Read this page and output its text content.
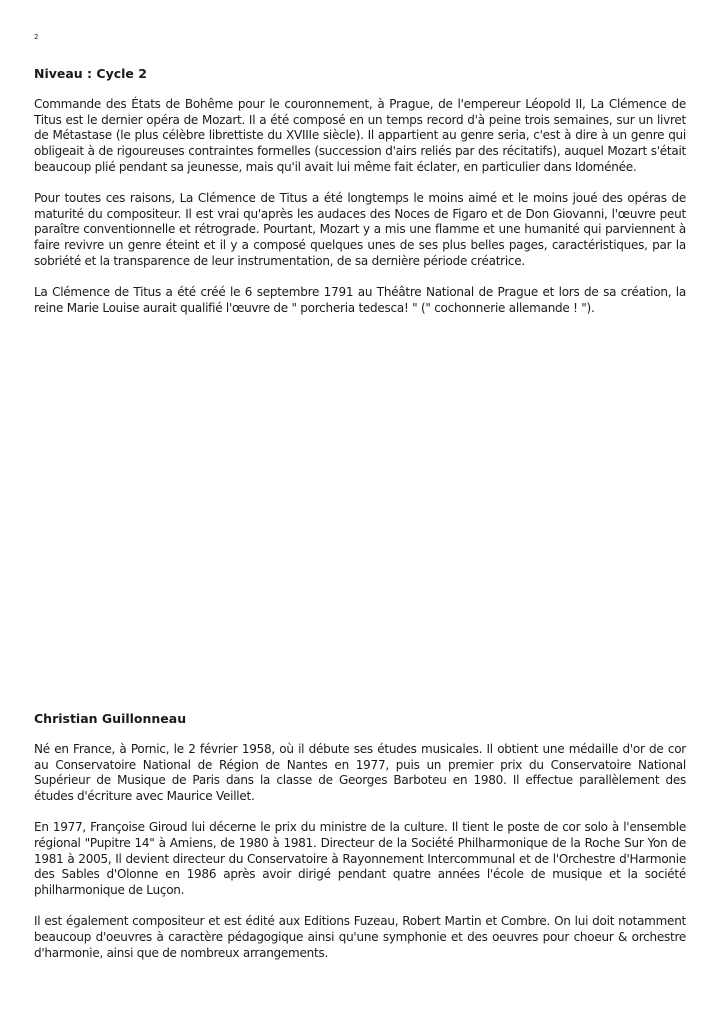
2
Niveau : Cycle 2

Commande des États de Bohême pour le couronnement, à Prague, de l'empereur Léopold II, La Clémence de Titus est le dernier opéra de Mozart. Il a été composé en un temps record d'à peine trois semaines, sur un livret de Métastase (le plus célèbre librettiste du XVIIIe siècle). Il appartient au genre seria, c'est à dire à un genre qui obligeait à de rigoureuses contraintes formelles (succession d'airs reliés par des récitatifs), auquel Mozart s'était beaucoup plié pendant sa jeunesse, mais qu'il avait lui même fait éclater, en particulier dans Idoménée.

Pour toutes ces raisons, La Clémence de Titus a été longtemps le moins aimé et le moins joué des opéras de maturité du compositeur. Il est vrai qu'après les audaces des Noces de Figaro et de Don Giovanni, l'œuvre peut paraître conventionnelle et rétrograde. Pourtant, Mozart y a mis une flamme et une humanité qui parviennent à faire revivre un genre éteint et il y a composé quelques unes de ses plus belles pages, caractéristiques, par la sobriété et la transparence de leur instrumentation, de sa dernière période créatrice.

La Clémence de Titus a été créé le 6 septembre 1791 au Théâtre National de Prague et lors de sa création, la reine Marie Louise aurait qualifié l'œuvre de " porcheria tedesca! " (" cochonnerie allemande ! ").

Christian Guillonneau

Né en France, à Pornic, le 2 février 1958, où il débute ses études musicales. Il obtient une médaille d'or de cor au Conservatoire National de Région de Nantes en 1977, puis un premier prix du Conservatoire National Supérieur de Musique de Paris dans la classe de Georges Barboteu en 1980. Il effectue parallèlement des études d'écriture avec Maurice Veillet.

En 1977, Françoise Giroud lui décerne le prix du ministre de la culture. Il tient le poste de cor solo à l'ensemble régional "Pupitre 14" à Amiens, de 1980 à 1981. Directeur de la Société Philharmonique de la Roche Sur Yon de 1981 à 2005, Il devient directeur du Conservatoire à Rayonnement Intercommunal et de l'Orchestre d'Harmonie des Sables d'Olonne en 1986 après avoir dirigé pendant quatre années l'école de musique et la société philharmonique de Luçon.

Il est également compositeur et est édité aux Editions Fuzeau, Robert Martin et Combre. On lui doit notamment beaucoup d'oeuvres à caractère pédagogique ainsi qu'une symphonie et des oeuvres pour choeur & orchestre d'harmonie, ainsi que de nombreux arrangements.
